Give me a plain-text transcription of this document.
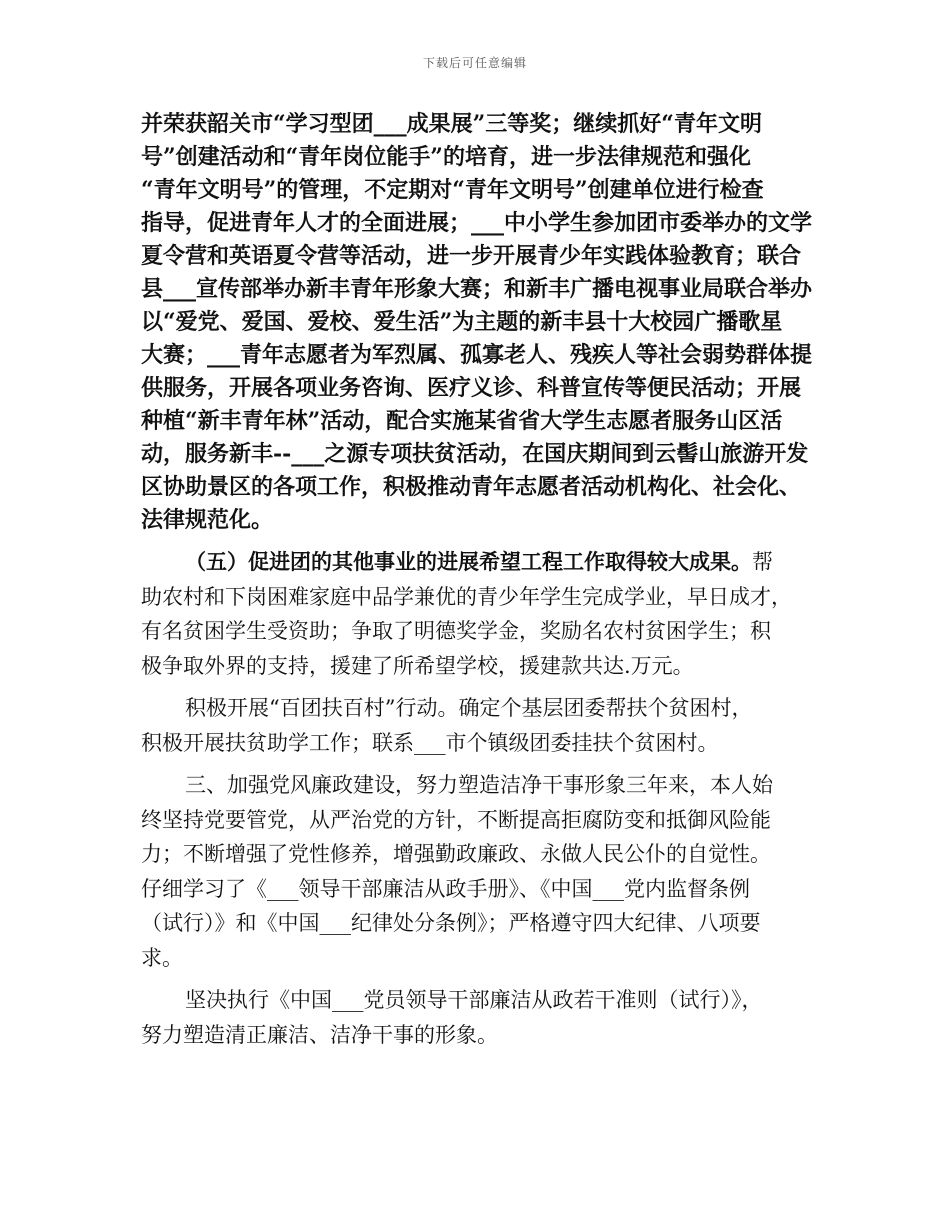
下载后可任意编辑
并荣获韶关市“学习型团___成果展”三等奖；继续抓好“青年文明
号”创建活动和“青年岗位能手”的培育，进一步法律规范和强化
“青年文明号”的管理，不定期对“青年文明号”创建单位进行检查
指导，促进青年人才的全面进展；___中小学生参加团市委举办的文学
夏令营和英语夏令营等活动，进一步开展青少年实践体验教育；联合
县___宣传部举办新丰青年形象大赛；和新丰广播电视事业局联合举办
以“爱党、爱国、爱校、爱生活”为主题的新丰县十大校园广播歌星
大赛；___青年志愿者为军烈属、孤寡老人、残疾人等社会弱势群体提
供服务，开展各项业务咨询、医疗义诊、科普宣传等便民活动；开展
种植“新丰青年林”活动，配合实施某省省大学生志愿者服务山区活
动，服务新丰--___之源专项扶贫活动，在国庆期间到云髻山旅游开发
区协助景区的各项工作，积极推动青年志愿者活动机构化、社会化、
法律规范化。
（五）促进团的其他事业的进展希望工程工作取得较大成果。帮
助农村和下岗困难家庭中品学兼优的青少年学生完成学业，早日成才，
有名贫困学生受资助；争取了明德奖学金，奖励名农村贫困学生；积
极争取外界的支持，援建了所希望学校，援建款共达.万元。
积极开展“百团扶百村”行动。确定个基层团委帮扶个贫困村，
积极开展扶贫助学工作；联系___市个镇级团委挂扶个贫困村。
三、加强党风廉政建设，努力塑造洁净干事形象三年来，本人始
终坚持党要管党，从严治党的方针，不断提高拒腐防变和抵御风险能
力；不断增强了党性修养，增强勤政廉政、永做人民公仆的自觉性。
仔细学习了《___领导干部廉洁从政手册》、《中国___党内监督条例
（试行）》和《中国___纪律处分条例》；严格遵守四大纪律、八项要
求。
坚决执行《中国___党员领导干部廉洁从政若干准则（试行）》，
努力塑造清正廉洁、洁净干事的形象。
